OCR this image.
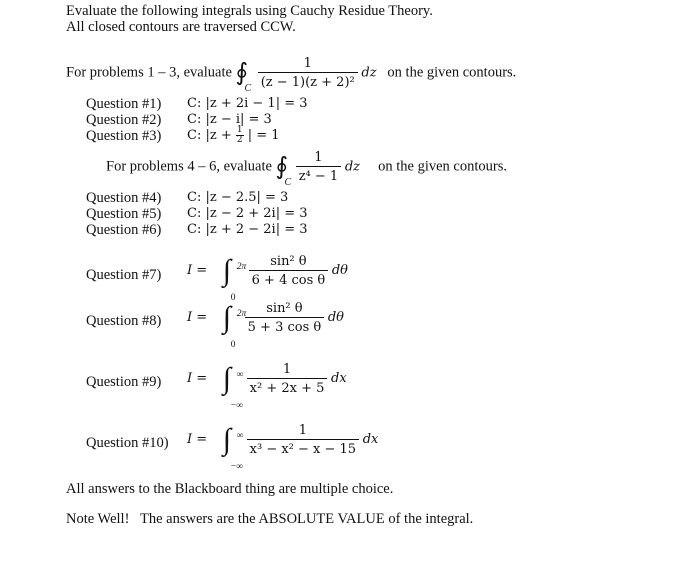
Evaluate the following integrals using Cauchy Residue Theory.
All closed contours are traversed CCW.
For problems 1 – 3, evaluate ∮
C
$\frac{1}{\text{(z − 1)(z + 2)²}}$ dz on the given contours.
Question #1) C: |z + 2i − 1| = 3
Question #2) C: |z − i| = 3
Question #3) C: $|z + \frac{1}{2}$ | = 1
For problems 4 – 6, evaluate ∮
C
$\frac{1}{\text{z⁴ − 1}}$ dz on the given contours.
Question #4) C: |z − 2.5| = 3
Question #5) C: |z − 2 + 2i| = 3
Question #6) C: |z + 2 − 2i| = 3
Question #7) I = ∫ 2π
0

$\frac{\text{sin² θ}}{\text{6 + 4 cos θ}}$ dθ
Question #8) I = ∫ 2π
0

$\frac{\text{sin² θ}}{\text{5 + 3 cos θ}}$ dθ
Question #9) I = ∫ ∞
−∞

$\frac{1}{\text{x² + 2x + 5}}$ dx
Question #10) I = ∫ ∞
−∞

$\frac{1}{\text{x³ − x² − x − 15}}$ dx
All answers to the Blackboard thing are multiple choice.
Note Well!   The answers are the ABSOLUTE VALUE of the integral.
